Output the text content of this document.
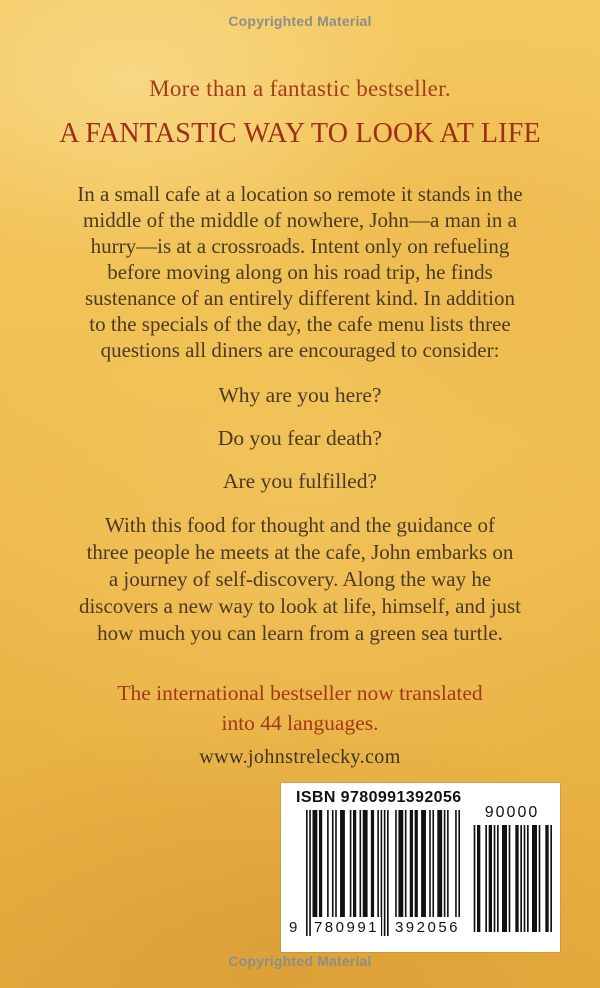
Copyrighted Material
More than a fantastic bestseller.
A FANTASTIC WAY TO LOOK AT LIFE
In a small cafe at a location so remote it stands in the
middle of the middle of nowhere, John—a man in a
hurry—is at a crossroads. Intent only on refueling
before moving along on his road trip, he finds
sustenance of an entirely different kind. In addition
to the specials of the day, the cafe menu lists three
questions all diners are encouraged to consider:
Why are you here?
Do you fear death?
Are you fulfilled?
With this food for thought and the guidance of
three people he meets at the cafe, John embarks on
a journey of self-discovery. Along the way he
discovers a new way to look at life, himself, and just
how much you can learn from a green sea turtle.
The international bestseller now translated
into 44 languages.
www.johnstrelecky.com
ISBN 9780991392056
9 780991 392056
90000
Copyrighted Material
